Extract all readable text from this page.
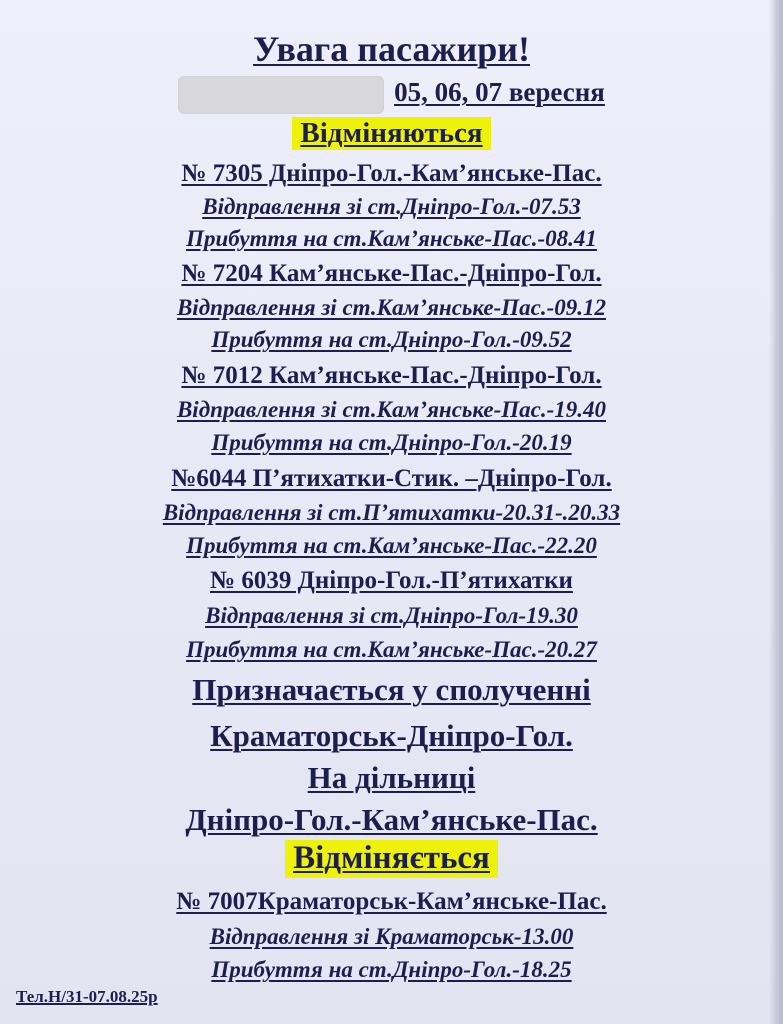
Увага пасажири!
05, 06, 07 вересня
Відміняються
№ 7305 Дніпро-Гол.-Кам’янське-Пас.
Відправлення зі ст.Дніпро-Гол.-07.53
Прибуття на ст.Кам’янське-Пас.-08.41
№ 7204 Кам’янське-Пас.-Дніпро-Гол.
Відправлення зі ст.Кам’янське-Пас.-09.12
Прибуття на ст.Дніпро-Гол.-09.52
№ 7012 Кам’янське-Пас.-Дніпро-Гол.
Відправлення зі ст.Кам’янське-Пас.-19.40
Прибуття на ст.Дніпро-Гол.-20.19
№6044 П’ятихатки-Стик. –Дніпро-Гол.
Відправлення зі ст.П’ятихатки-20.31-.20.33
Прибуття на ст.Кам’янське-Пас.-22.20
№ 6039 Дніпро-Гол.-П’ятихатки
Відправлення зі ст.Дніпро-Гол-19.30
Прибуття на ст.Кам’янське-Пас.-20.27
Призначається у сполученні
Краматорськ-Дніпро-Гол.
На дільниці
Дніпро-Гол.-Кам’янське-Пас.
Відміняється
№ 7007Краматорськ-Кам’янське-Пас.
Відправлення зі Краматорськ-13.00
Прибуття на ст.Дніпро-Гол.-18.25
Тел.Н/31-07.08.25р
